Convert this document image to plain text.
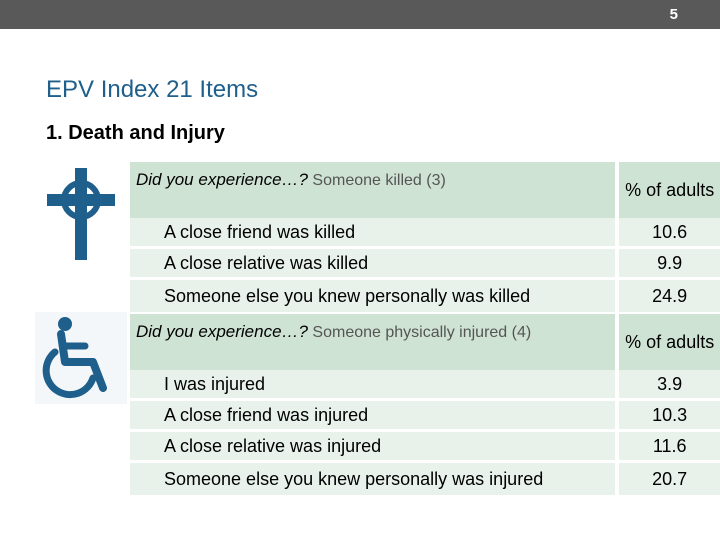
5
EPV Index 21 Items
1. Death and Injury
Did you experience…? Someone killed (3)	% of adults
A close friend was killed	10.6
A close relative was killed	9.9
Someone else you knew personally was killed	24.9
Did you experience…? Someone physically injured (4)	% of adults
I was injured	3.9
A close friend was injured	10.3
A close relative was injured	11.6
Someone else you knew personally was injured	20.7
